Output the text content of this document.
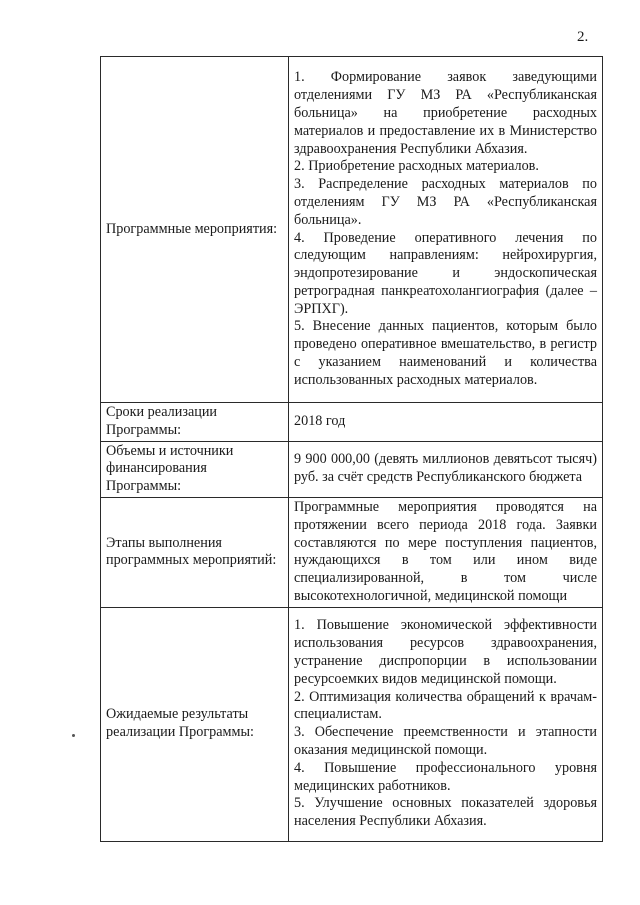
2.
Программные мероприятия:	1. Формирование заявок заведующими отделениями ГУ МЗ РА «Республиканская больница» на приобретение расходных материалов и предоставление их в Министерство здравоохранения Республики Абхазия.
2. Приобретение расходных материалов.
3. Распределение расходных материалов по отделениям ГУ МЗ РА «Республиканская больница».
4. Проведение оперативного лечения по следующим направлениям: нейрохирургия, эндопротезирование и эндоскопическая ретроградная панкреатохолангиография (далее – ЭРПХГ).
5. Внесение данных пациентов, которым было проведено оперативное вмешательство, в регистр с указанием наименований и количества использованных расходных материалов.

Сроки реализации Программы:	2018 год
Объемы и источники финансирования Программы:	9 900 000,00 (девять миллионов девятьсот тысяч) руб. за счёт средств Республиканского бюджета
Этапы выполнения программных мероприятий:	Программные мероприятия проводятся на протяжении всего периода 2018 года. Заявки составляются по мере поступления пациентов, нуждающихся в том или ином виде специализированной, в том числе высокотехнологичной, медицинской помощи
Ожидаемые результаты реализации Программы:	1. Повышение экономической эффективности использования ресурсов здравоохранения, устранение диспропорции в использовании ресурсоемких видов медицинской помощи.
2. Оптимизация количества обращений к врачам-специалистам.
3. Обеспечение преемственности и этапности оказания медицинской помощи.
4. Повышение профессионального уровня медицинских работников.
5. Улучшение основных показателей здоровья населения Республики Абхазия.
